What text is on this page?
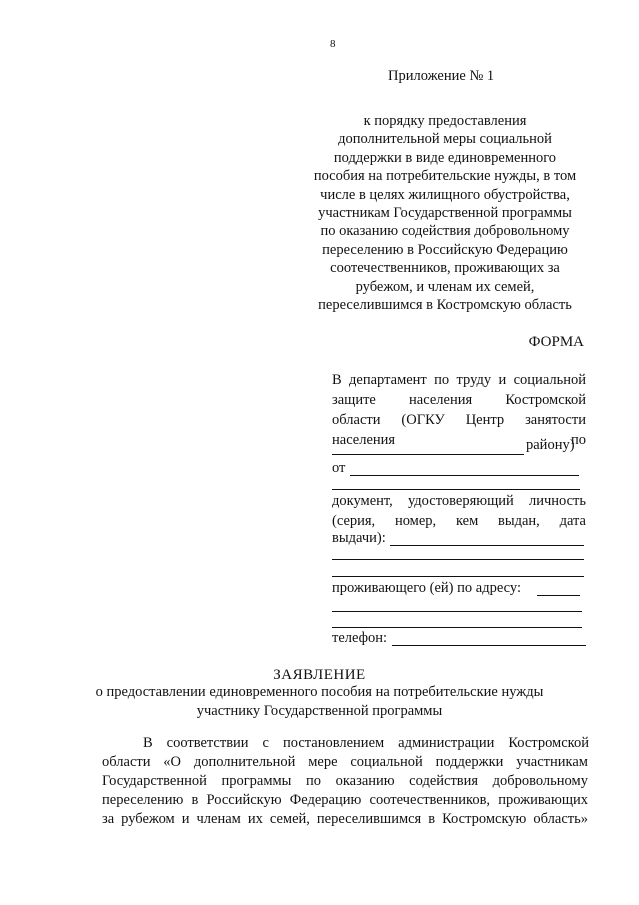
8
Приложение № 1
к порядку предоставления
дополнительной меры социальной
поддержки в виде единовременного
пособия на потребительские нужды, в том
числе в целях жилищного обустройства,
участникам Государственной программы
по оказанию содействия добровольному
переселению в Российскую Федерацию
соотечественников, проживающих за
рубежом, и членам их семей,
переселившимся в Костромскую область
ФОРМА
В департамент по труду и социальной
защите населения Костромской
области (ОГКУ Центр занятости
населения	по
району)
от
документ, удостоверяющий личность
(серия, номер, кем выдан, дата
выдачи):
проживающего (ей) по адресу:
телефон:
ЗАЯВЛЕНИЕ
о предоставлении единовременного пособия на потребительские нужды
участнику Государственной программы
В соответствии с постановлением администрации Костромской
области «О дополнительной мере социальной поддержки участникам
Государственной программы по оказанию содействия добровольному
переселению в Российскую Федерацию соотечественников, проживающих
за рубежом и членам их семей, переселившимся в Костромскую область»
